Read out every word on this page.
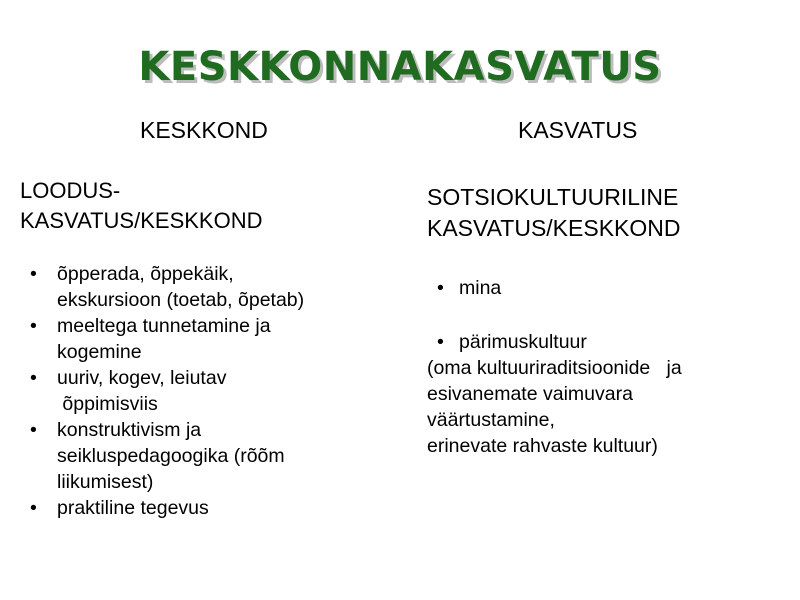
KESKKONNAKASVATUS
KESKKOND	KASVATUS
LOODUS-
KASVATUS/KESKKOND
SOTSIOKULTUURILINE
KASVATUS/KESKKOND
•	õpperada, õppekäik,
ekskursioon (toetab, õpetab)
•	meeltega tunnetamine ja
kogemine
•	uuriv, kogev, leiutav
õppimisviis
•	konstruktivism ja
seikluspedagoogika (rõõm
liikumisest)
•	praktiline tegevus
• mina
• pärimuskultuur
(oma kultuuriraditsioonide   ja
esivanemate vaimuvara
väärtustamine,
erinevate rahvaste kultuur)
